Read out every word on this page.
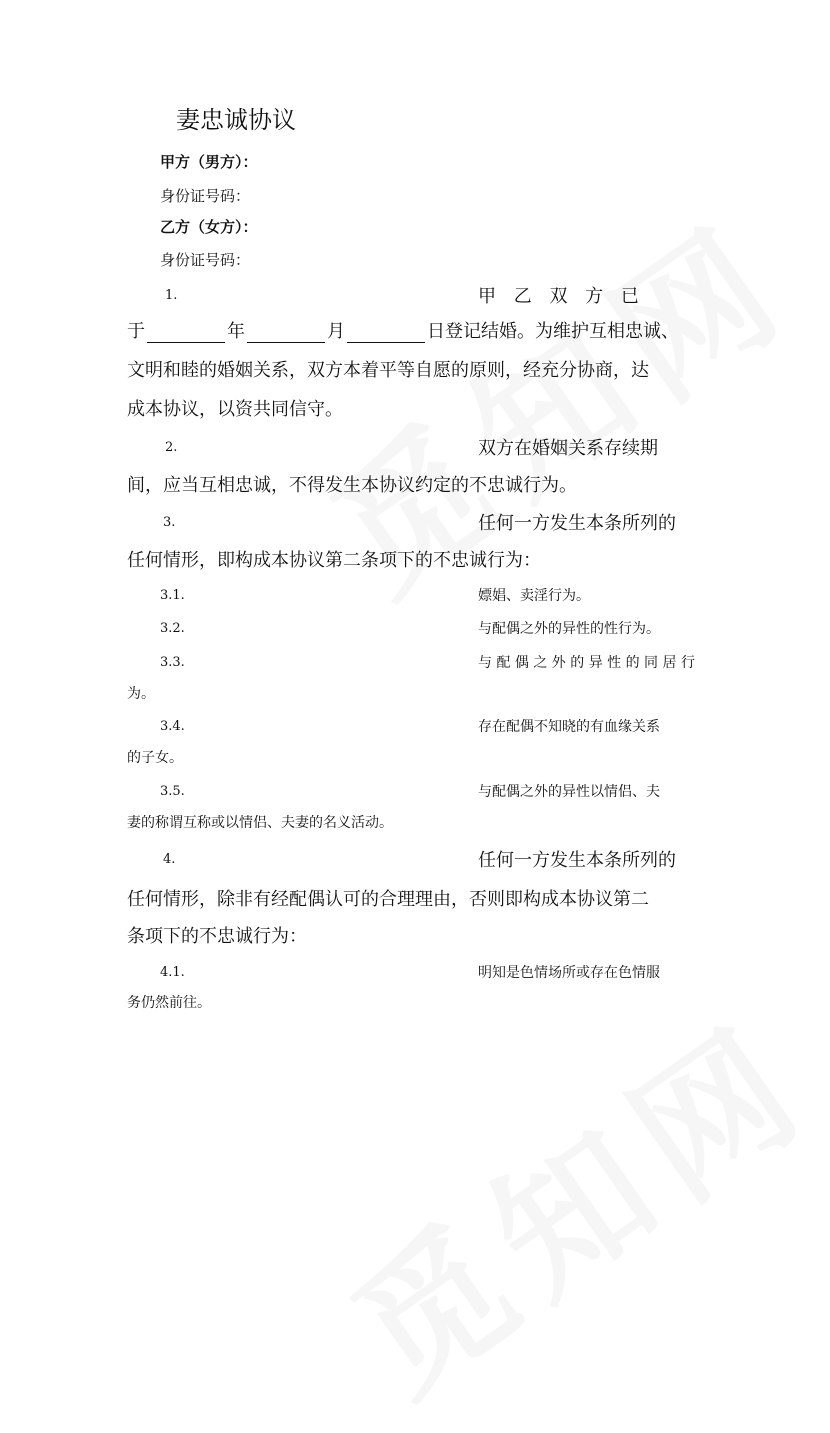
妻忠诚协议
甲方（男方）：
身份证号码：
乙方（女方）：
身份证号码：
1.	甲 乙 双 方 已
于	年	月	日登记结婚。为维护互相忠诚、
文明和睦的婚姻关系，双方本着平等自愿的原则，经充分协商，达
成本协议，以资共同信守。
2.	双方在婚姻关系存续期
间，应当互相忠诚，不得发生本协议约定的不忠诚行为。
3.	任何一方发生本条所列的
任何情形，即构成本协议第二条项下的不忠诚行为：
3.1.	嫖娼、卖淫行为。
3.2.	与配偶之外的异性的性行为。
3.3.	与 配 偶 之 外 的 异 性 的 同 居 行
为。
3.4.	存在配偶不知晓的有血缘关系
的子女。
3.5.	与配偶之外的异性以情侣、夫
妻的称谓互称或以情侣、夫妻的名义活动。
4.	任何一方发生本条所列的
任何情形，除非有经配偶认可的合理理由，否则即构成本协议第二
条项下的不忠诚行为：
4.1.	明知是色情场所或存在色情服
务仍然前往。
